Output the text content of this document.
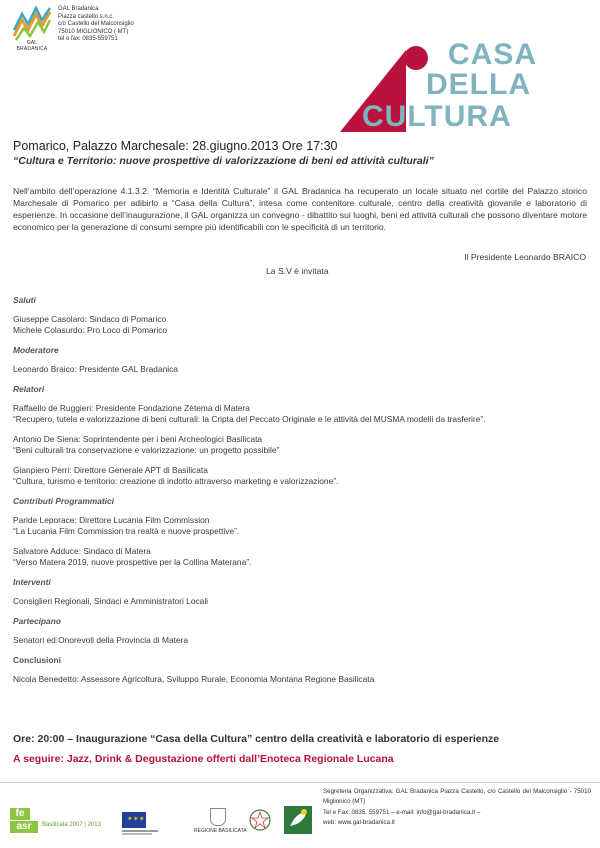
GAL BRADANICA
GAL Bradanica
Piazza castello s.n.c.
c/o Castello del Malconsiglio
75010 MIGLIONICO ( MT)
tel e fax: 0835-559751	CASA
DELLA
CULTURA
Pomarico, Palazzo Marchesale: 28.giugno.2013 Ore 17:30
“Cultura e Territorio: nuove prospettive di valorizzazione di beni ed attività culturali”
Nell’ambito dell’operazione 4.1.3.2. “Memoria e Identità Culturale” il GAL Bradanica ha recuperato un locale situato nel cortile del Palazzo storico Marchesale di Pomarico per adibirlo a “Casa della Cultura”, intesa come contenitore culturale, centro della creatività giovanile e laboratorio di esperienze. In occasione dell’inaugurazione, il GAL organizza un convegno - dibattito sui luoghi, beni ed attività culturali che possono diventare motore economico per la generazione di consumi sempre più identificabili con le specificità di un territorio.
Il Presidente Leonardo BRAICO
La S.V è invitata
Saluti
Giuseppe Casolaro: Sindaco di Pomarico
Michele Colasurdo: Pro Loco di Pomarico
Moderatore
Leonardo Braico: Presidente GAL Bradanica
Relatori
Raffaello de Ruggieri: Presidente Fondazione Zètema di Matera
“Recupero, tutela e valorizzazione di beni culturali: la Cripta del Peccato Originale e le attività del MUSMA modelli da trasferire”.
Antonio De Siena: Soprintendente per i beni Archeologici Basilicata
“Beni culturali tra conservazione e valorizzazione: un progetto possibile”
Gianpiero Perri: Direttore Generale APT di Basilicata
“Cultura, turismo e territorio: creazione di indotto attraverso marketing e valorizzazione”.
Contributi Programmatici
Paride Leporace: Direttore Lucania Film Commission
“La Lucania Film Commission tra realtà e nuove prospettive”.
Salvatore Adduce: Sindaco di Matera
“Verso Matera 2019, nuove prospettive per la Collina Materana”.
Interventi
Consiglieri Regionali, Sindaci e Amministratori Locali
Partecipano
Senatori ed Onorevoli della Provincia di Matera
Conclusioni
Nicola Benedetto: Assessore Agricoltura, Sviluppo Rurale, Economia Montana Regione Basilicata
Ore: 20:00 – Inaugurazione “Casa della Cultura” centro della creatività e laboratorio di esperienze
A seguire: Jazz, Drink & Degustazione offerti dall’Enoteca Regionale Lucana
fe
asr	Basilicata 2007 | 2013
✶✶✶
REGIONE BASILICATA
Segreteria Organizzativa: GAL Bradanica Piazza Castello, c/o Castello del Malconsiglio - 75010 Miglionico (MT)
Tel e Fax: 0835. 559751 – e-mail: info@gal-bradanica.it –
web: www.gal-bradanica.it
